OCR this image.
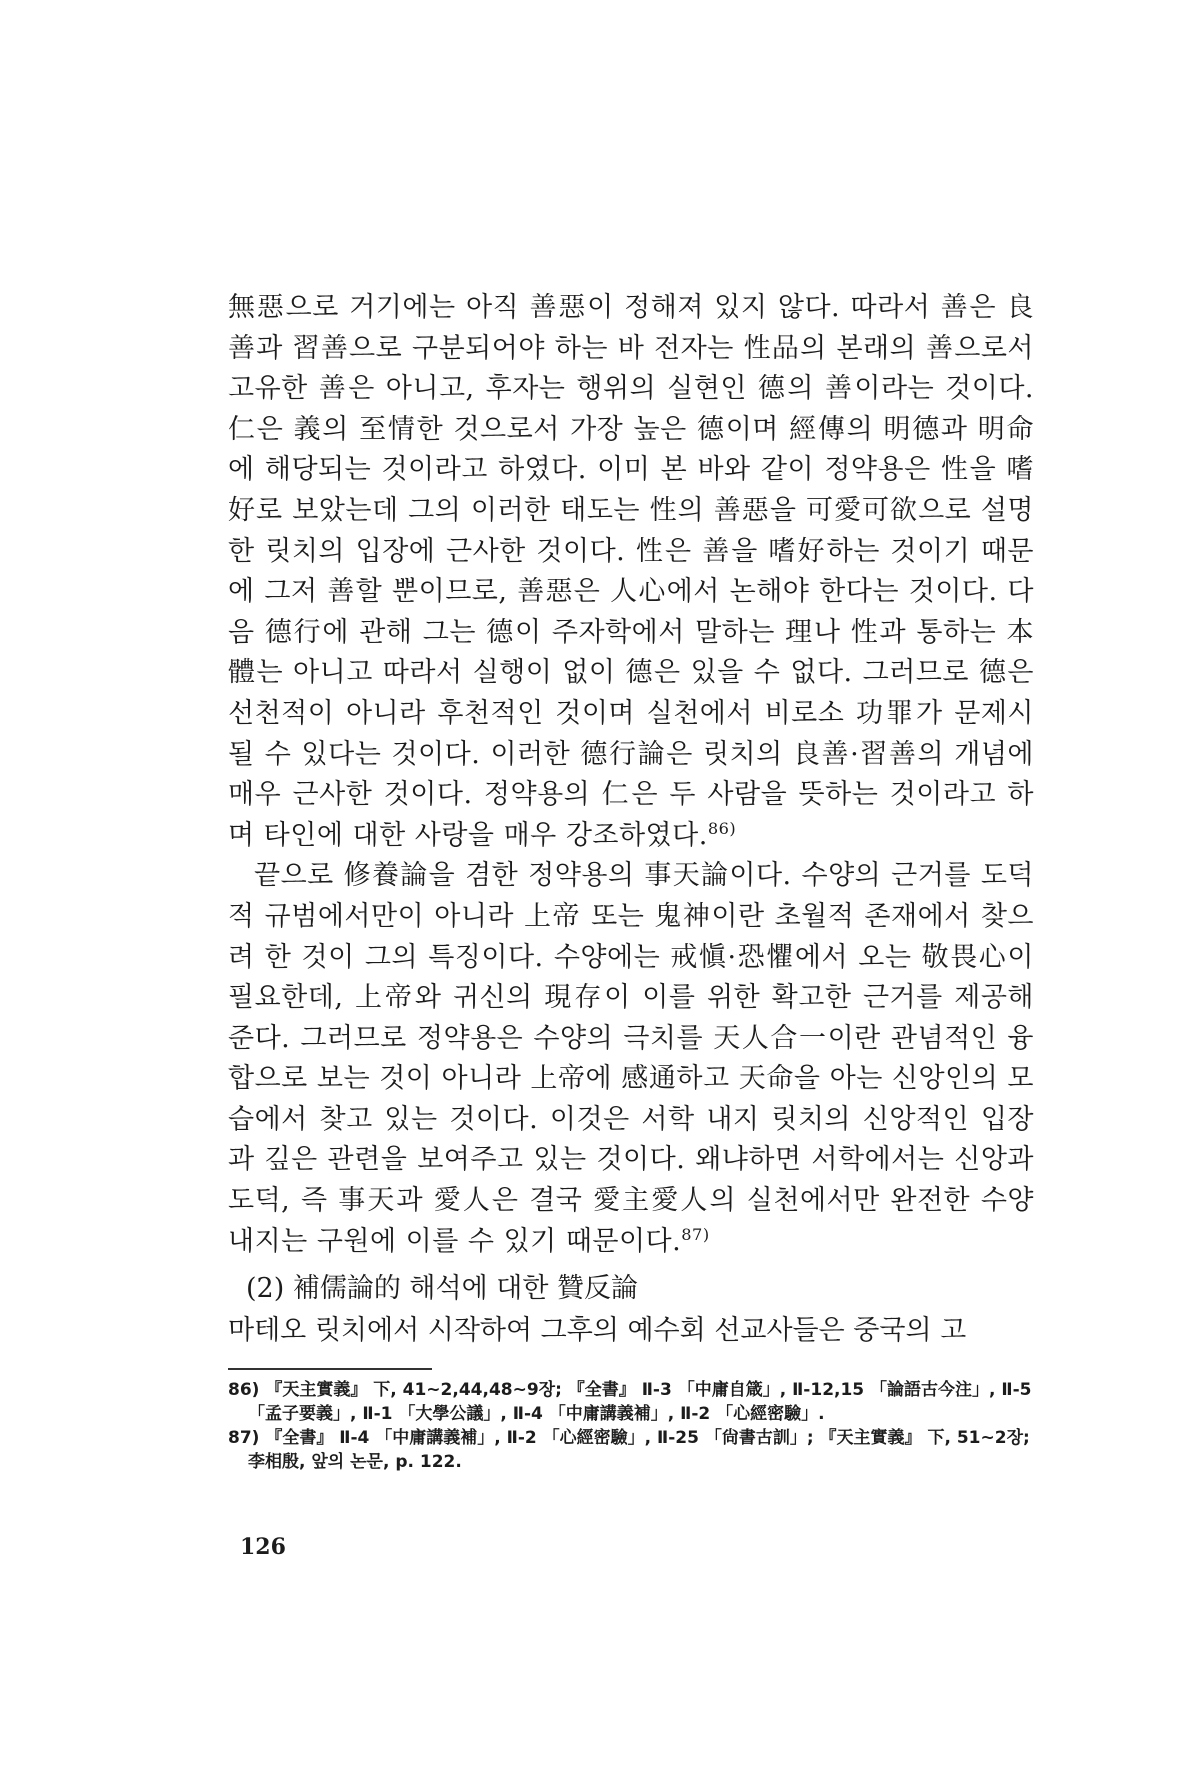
無惡으로 거기에는 아직 善惡이 정해져 있지 않다. 따라서 善은 良善과 習善으로 구분되어야 하는 바 전자는 性品의 본래의 善으로서 고유한 善은 아니고, 후자는 행위의 실현인 德의 善이라는 것이다. 仁은 義의 至情한 것으로서 가장 높은 德이며 經傳의 明德과 明命에 해당되는 것이라고 하였다. 이미 본 바와 같이 정약용은 性을 嗜好로 보았는데 그의 이러한 태도는 性의 善惡을 可愛可欲으로 설명한 릿치의 입장에 근사한 것이다. 性은 善을 嗜好하는 것이기 때문에 그저 善할 뿐이므로, 善惡은 人心에서 논해야 한다는 것이다. 다음 德行에 관해 그는 德이 주자학에서 말하는 理나 性과 통하는 本體는 아니고 따라서 실행이 없이 德은 있을 수 없다. 그러므로 德은 선천적이 아니라 후천적인 것이며 실천에서 비로소 功罪가 문제시될 수 있다는 것이다. 이러한 德行論은 릿치의 良善·習善의 개념에 매우 근사한 것이다. 정약용의 仁은 두 사람을 뜻하는 것이라고 하며 타인에 대한 사랑을 매우 강조하였다.$^{86)}$

끝으로 修養論을 겸한 정약용의 事天論이다. 수양의 근거를 도덕적 규범에서만이 아니라 上帝 또는 鬼神이란 초월적 존재에서 찾으려 한 것이 그의 특징이다. 수양에는 戒愼·恐懼에서 오는 敬畏心이 필요한데, 上帝와 귀신의 現存이 이를 위한 확고한 근거를 제공해 준다. 그러므로 정약용은 수양의 극치를 天人合一이란 관념적인 융합으로 보는 것이 아니라 上帝에 感通하고 天命을 아는 신앙인의 모습에서 찾고 있는 것이다. 이것은 서학 내지 릿치의 신앙적인 입장과 깊은 관련을 보여주고 있는 것이다. 왜냐하면 서학에서는 신앙과 도덕, 즉 事天과 愛人은 결국 愛主愛人의 실천에서만 완전한 수양 내지는 구원에 이를 수 있기 때문이다.$^{87)}$

(2) 補儒論的 해석에 대한 贊反論
마테오 릿치에서 시작하여 그후의 예수회 선교사들은 중국의 고
86) 『天主實義』 下, 41~2,44,48~9장; 『全書』 Ⅱ-3 「中庸自箴」, Ⅱ-12,15 「論語古今注」, Ⅱ-5 「孟子要義」, Ⅱ-1 「大學公議」, Ⅱ-4 「中庸講義補」, Ⅱ-2 「心經密驗」.
87) 『全書』 Ⅱ-4 「中庸講義補」, Ⅱ-2 「心經密驗」, Ⅱ-25 「尙書古訓」; 『天主實義』 下, 51~2장; 李相殷, 앞의 논문, p. 122.
126
